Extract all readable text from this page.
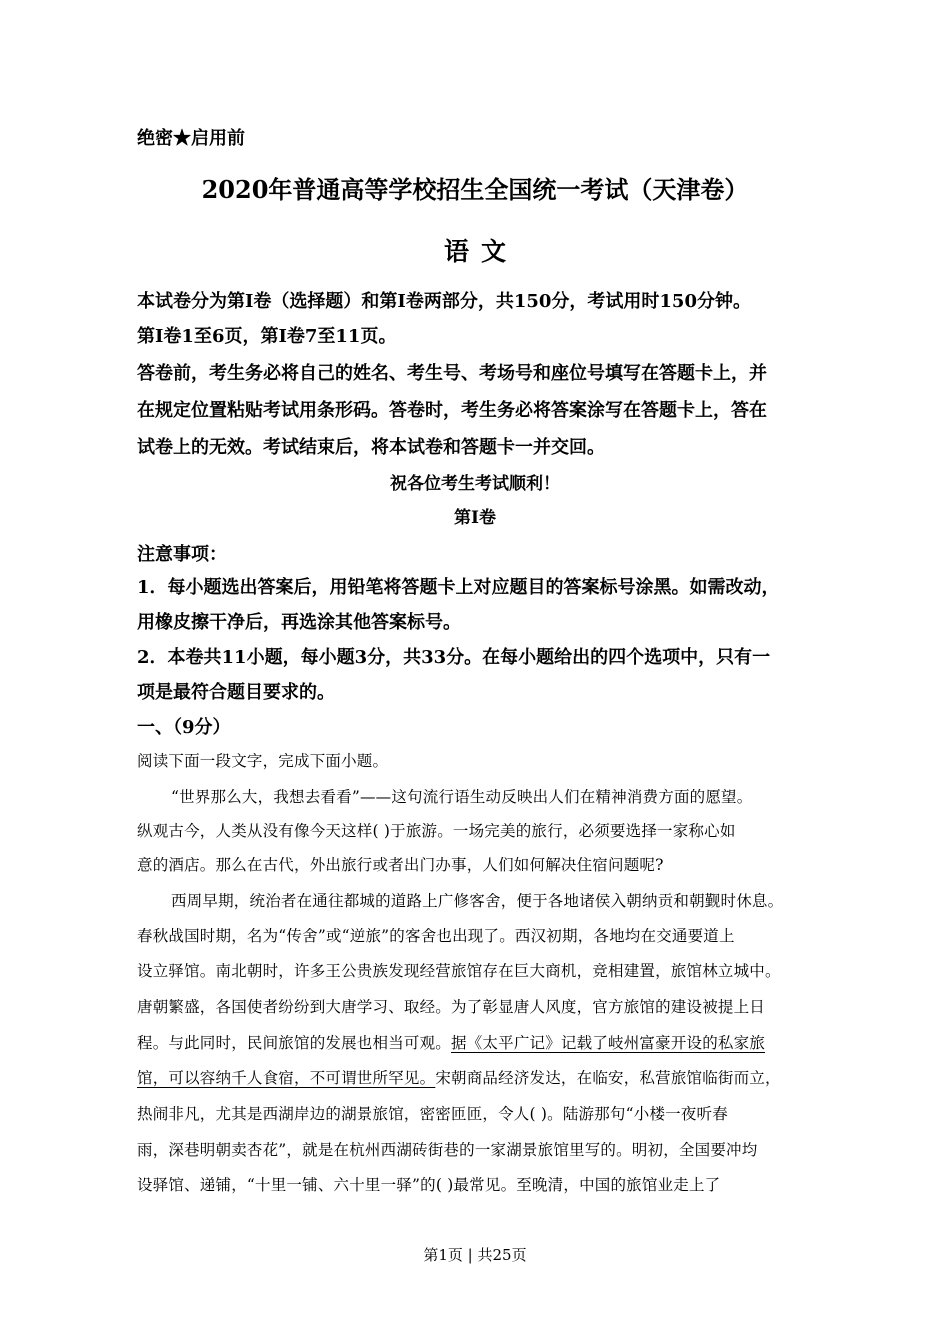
绝密★启用前
2020年普通高等学校招生全国统一考试（天津卷）
语文
本试卷分为第Ⅰ卷（选择题）和第Ⅰ卷两部分，共150分，考试用时150分钟。
第Ⅰ卷1至6页，第Ⅰ卷7至11页。
答卷前，考生务必将自己的姓名、考生号、考场号和座位号填写在答题卡上，并
在规定位置粘贴考试用条形码。答卷时，考生务必将答案涂写在答题卡上，答在
试卷上的无效。考试结束后，将本试卷和答题卡一并交回。
祝各位考生考试顺利！
第Ⅰ卷
注意事项：
1．每小题选出答案后，用铅笔将答题卡上对应题目的答案标号涂黑。如需改动，
用橡皮擦干净后，再选涂其他答案标号。
2．本卷共11小题，每小题3分，共33分。在每小题给出的四个选项中，只有一
项是最符合题目要求的。
一、（9分）
阅读下面一段文字，完成下面小题。
“世界那么大，我想去看看”——这句流行语生动反映出人们在精神消费方面的愿望。
纵观古今，人类从没有像今天这样( )于旅游。一场完美的旅行，必须要选择一家称心如
意的酒店。那么在古代，外出旅行或者出门办事，人们如何解决住宿问题呢?
西周早期，统治者在通往都城的道路上广修客舍，便于各地诸侯入朝纳贡和朝觐时休息。
春秋战国时期，名为“传舍”或“逆旅”的客舍也出现了。西汉初期，各地均在交通要道上
设立驿馆。南北朝时，许多王公贵族发现经营旅馆存在巨大商机，竞相建置，旅馆林立城中。
唐朝繁盛，各国使者纷纷到大唐学习、取经。为了彰显唐人风度，官方旅馆的建设被提上日
程。与此同时，民间旅馆的发展也相当可观。据《太平广记》记载了岐州富豪开设的私家旅
馆，可以容纳千人食宿，不可谓世所罕见。宋朝商品经济发达，在临安，私营旅馆临街而立，
热闹非凡，尤其是西湖岸边的湖景旅馆，密密匝匝，令人( )。陆游那句“小楼一夜听春
雨，深巷明朝卖杏花”，就是在杭州西湖砖街巷的一家湖景旅馆里写的。明初，全国要冲均
设驿馆、递铺，“十里一铺、六十里一驿”的( )最常见。至晚清，中国的旅馆业走上了
第1页 | 共25页
